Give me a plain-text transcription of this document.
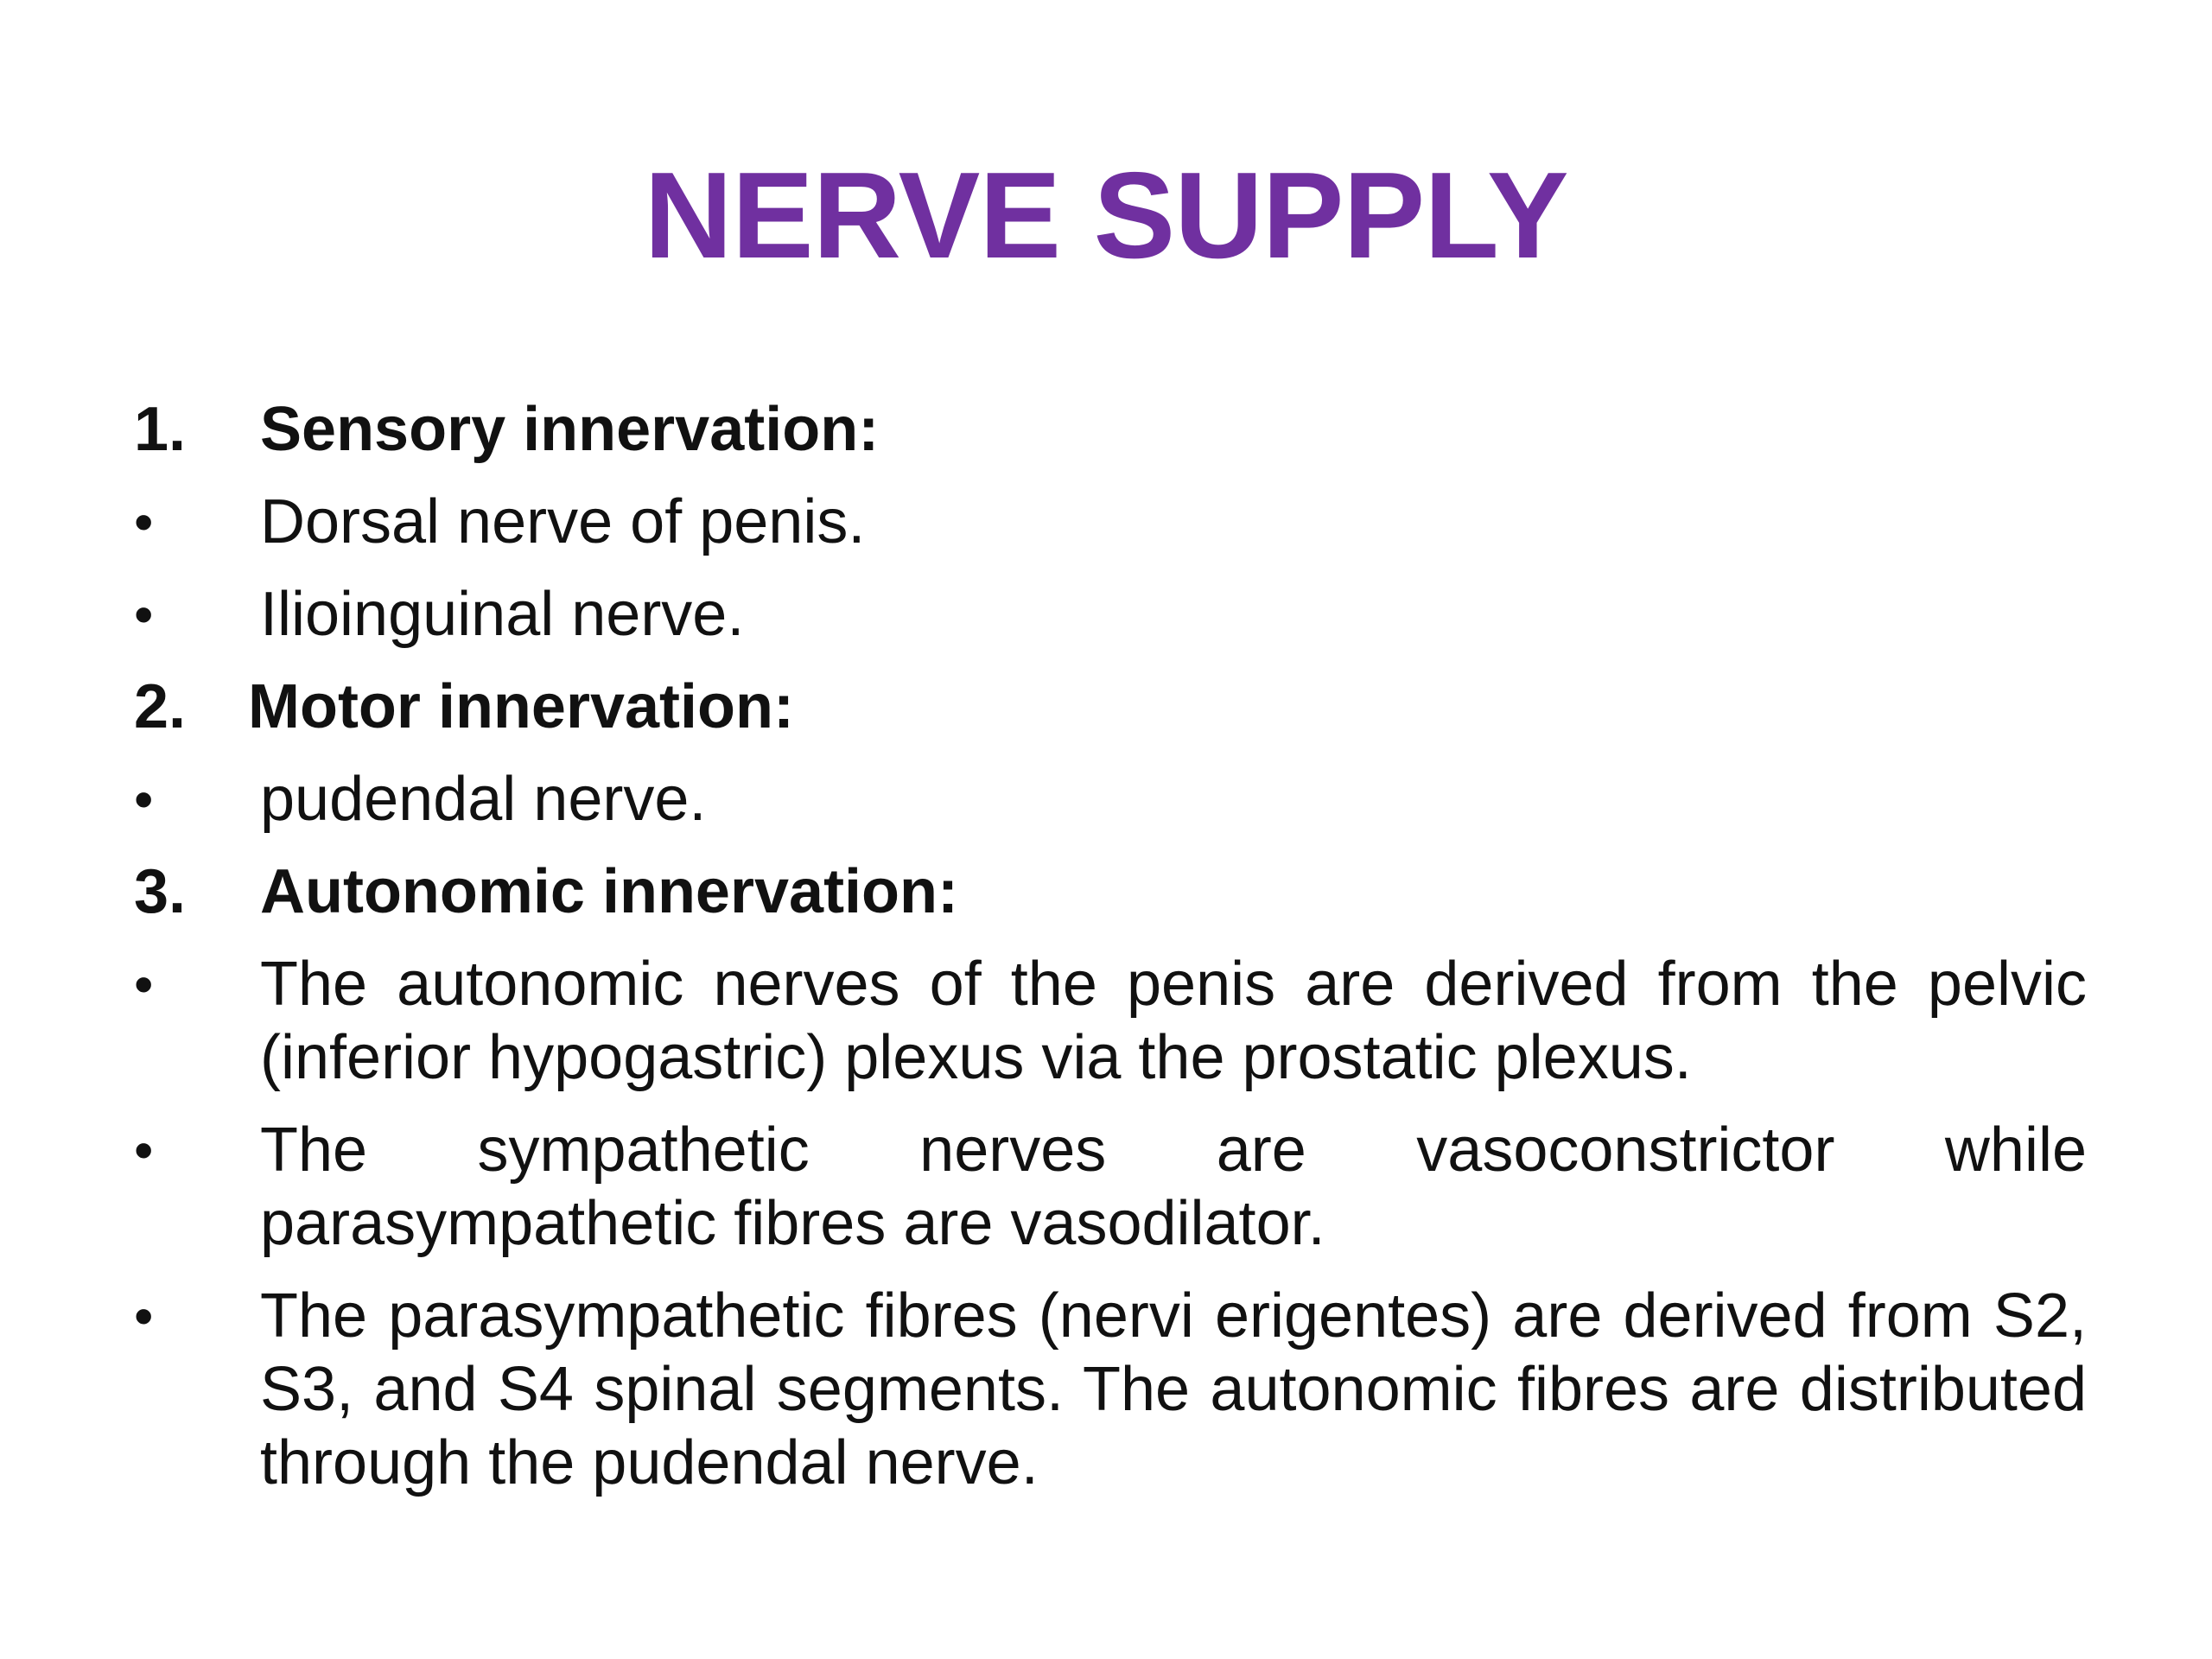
NERVE SUPPLY
1.	Sensory innervation:
•	Dorsal nerve of penis.
•	Ilioinguinal nerve.
2. Motor innervation:
•	pudendal nerve.
3.	Autonomic innervation:
•	The autonomic nerves of the penis are derived from the pelvic (inferior hypogastric) plexus via the prostatic plexus.
•	The sympathetic nerves are vasoconstrictor while parasympathetic fibres are vasodilator.
•	The parasympathetic fibres (nervi erigentes) are derived from S2, S3, and S4 spinal segments. The autonomic fibres are distributed through the pudendal nerve.
